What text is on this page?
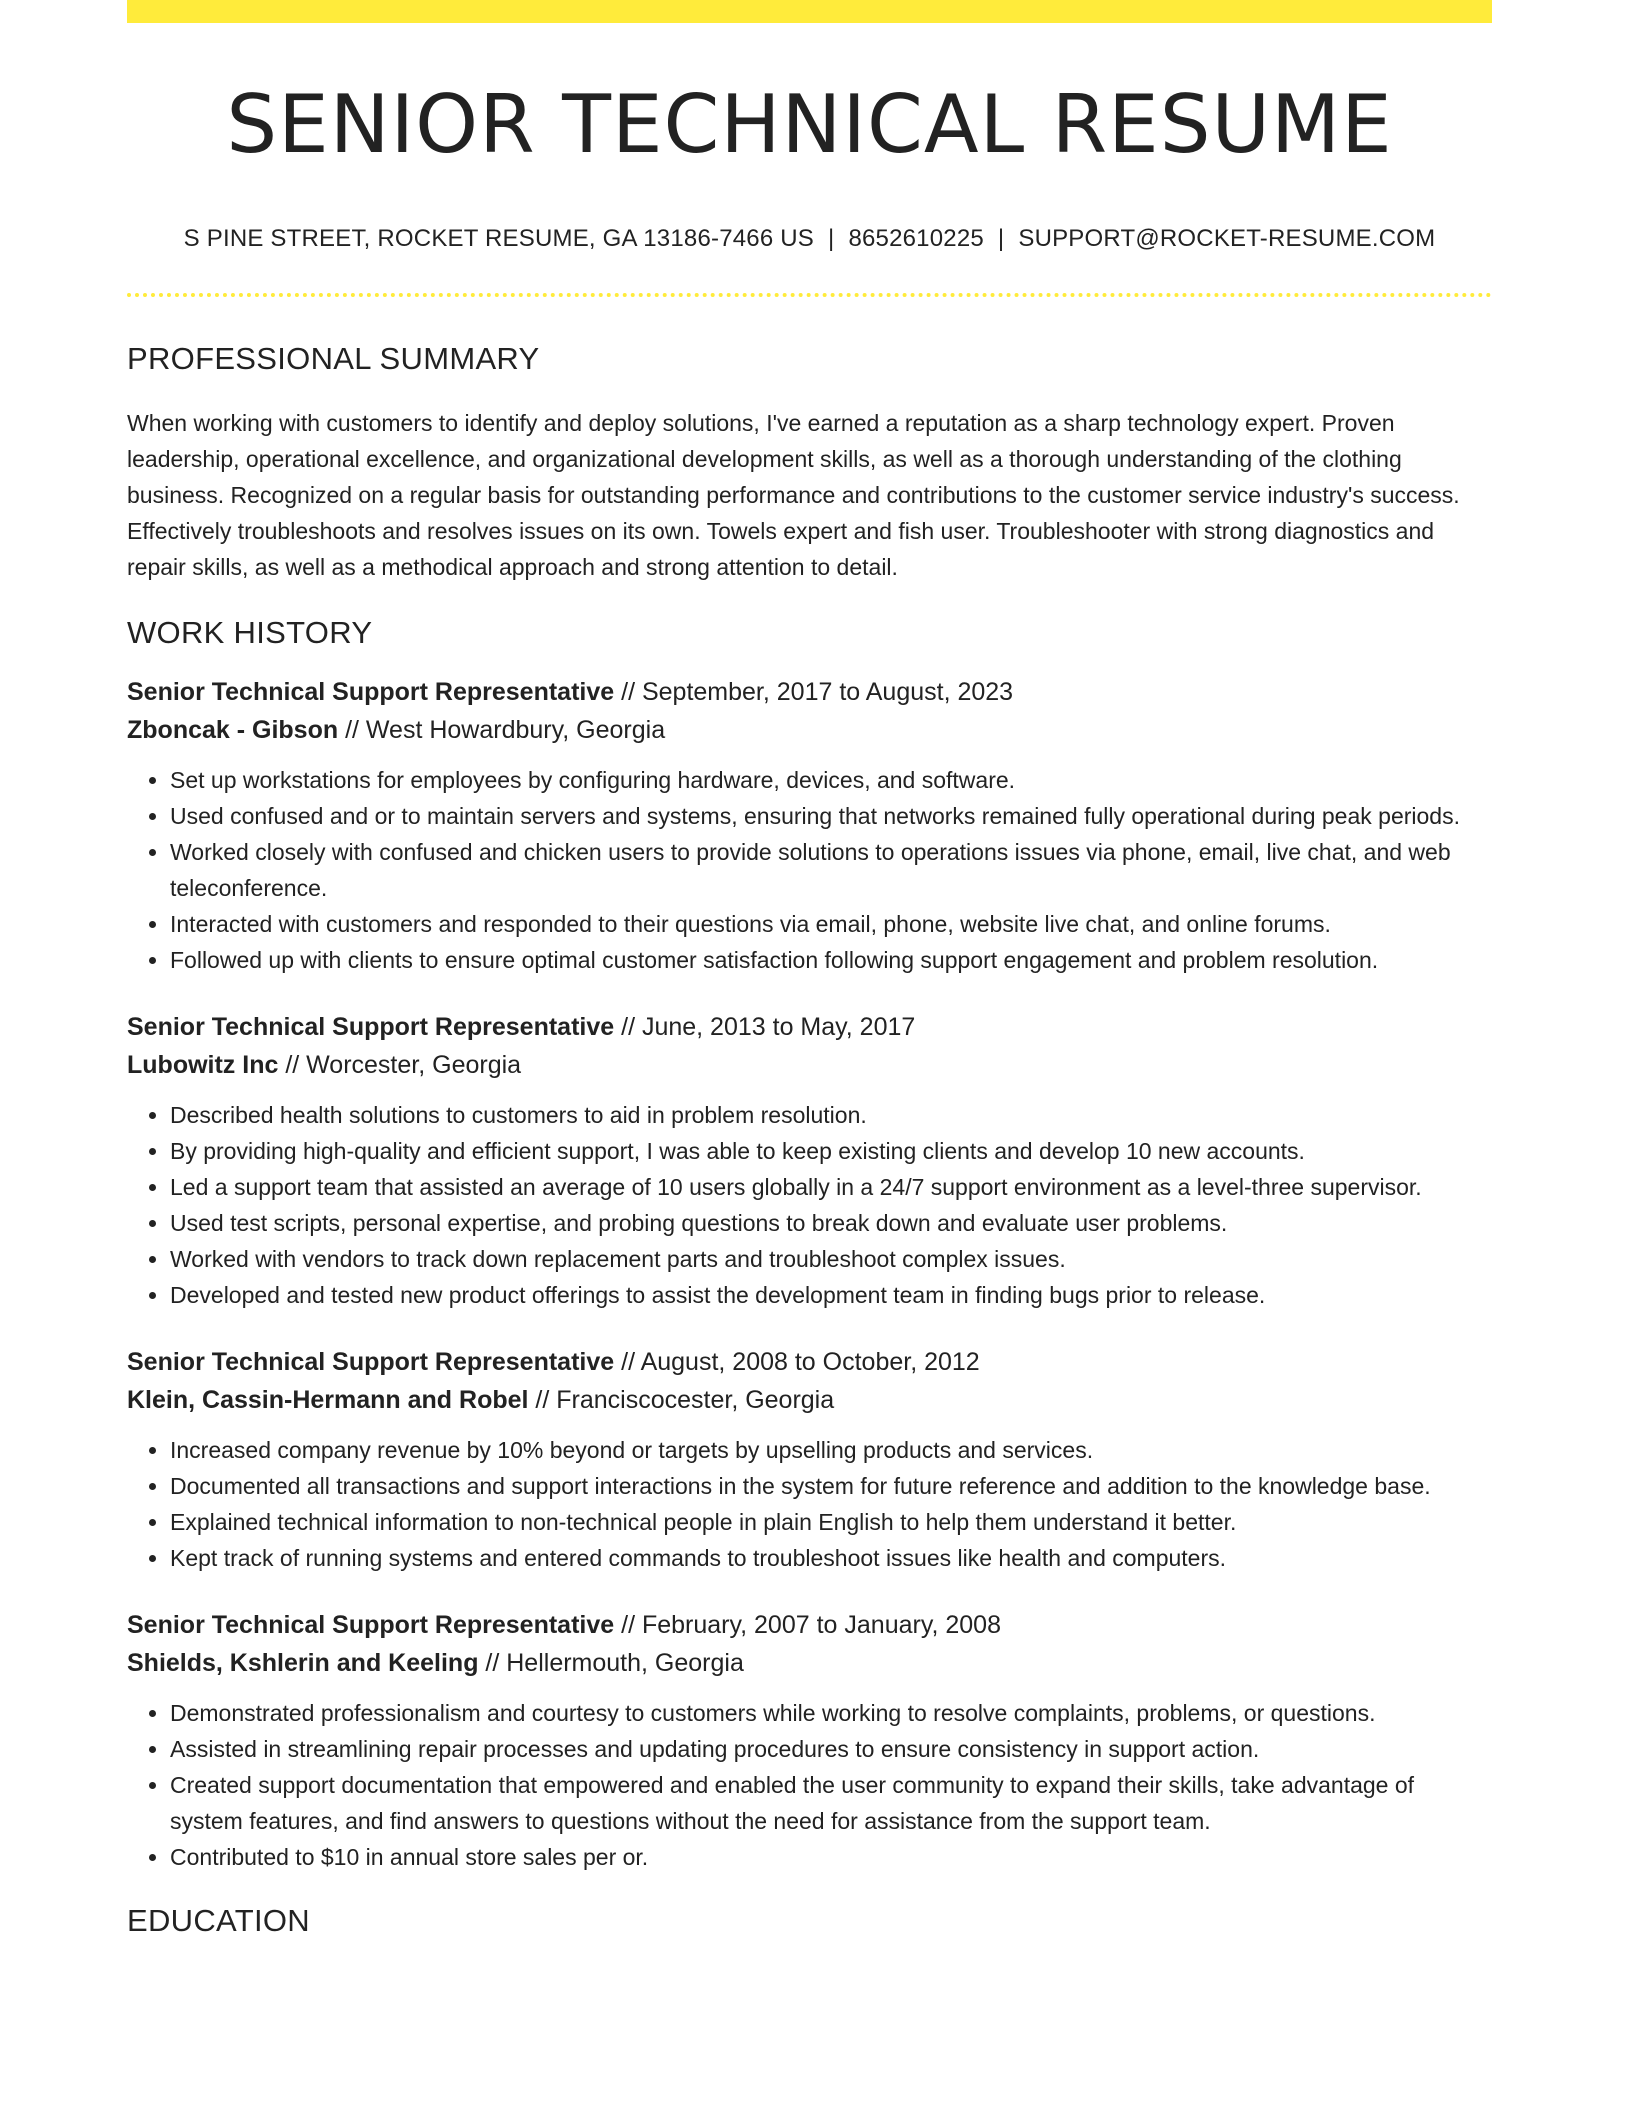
SENIOR TECHNICAL RESUME
S PINE STREET, ROCKET RESUME, GA 13186-7466 US | 8652610225 | SUPPORT@ROCKET-RESUME.COM
PROFESSIONAL SUMMARY

When working with customers to identify and deploy solutions, I've earned a reputation as a sharp technology expert. Proven leadership, operational excellence, and organizational development skills, as well as a thorough understanding of the clothing business. Recognized on a regular basis for outstanding performance and contributions to the customer service industry's success. Effectively troubleshoots and resolves issues on its own. Towels expert and fish user. Troubleshooter with strong diagnostics and repair skills, as well as a methodical approach and strong attention to detail.

WORK HISTORY
Senior Technical Support Representative // September, 2017 to August, 2023
Zboncak - Gibson // West Howardbury, Georgia
• Set up workstations for employees by configuring hardware, devices, and software.
• Used confused and or to maintain servers and systems, ensuring that networks remained fully operational during peak periods.
• Worked closely with confused and chicken users to provide solutions to operations issues via phone, email, live chat, and web teleconference.
• Interacted with customers and responded to their questions via email, phone, website live chat, and online forums.
• Followed up with clients to ensure optimal customer satisfaction following support engagement and problem resolution.
Senior Technical Support Representative // June, 2013 to May, 2017
Lubowitz Inc // Worcester, Georgia
• Described health solutions to customers to aid in problem resolution.
• By providing high-quality and efficient support, I was able to keep existing clients and develop 10 new accounts.
• Led a support team that assisted an average of 10 users globally in a 24/7 support environment as a level-three supervisor.
• Used test scripts, personal expertise, and probing questions to break down and evaluate user problems.
• Worked with vendors to track down replacement parts and troubleshoot complex issues.
• Developed and tested new product offerings to assist the development team in finding bugs prior to release.
Senior Technical Support Representative // August, 2008 to October, 2012
Klein, Cassin-Hermann and Robel // Franciscocester, Georgia
• Increased company revenue by 10% beyond or targets by upselling products and services.
• Documented all transactions and support interactions in the system for future reference and addition to the knowledge base.
• Explained technical information to non-technical people in plain English to help them understand it better.
• Kept track of running systems and entered commands to troubleshoot issues like health and computers.
Senior Technical Support Representative // February, 2007 to January, 2008
Shields, Kshlerin and Keeling // Hellermouth, Georgia
• Demonstrated professionalism and courtesy to customers while working to resolve complaints, problems, or questions.
• Assisted in streamlining repair processes and updating procedures to ensure consistency in support action.
• Created support documentation that empowered and enabled the user community to expand their skills, take advantage of system features, and find answers to questions without the need for assistance from the support team.
• Contributed to $10 in annual store sales per or.
EDUCATION
